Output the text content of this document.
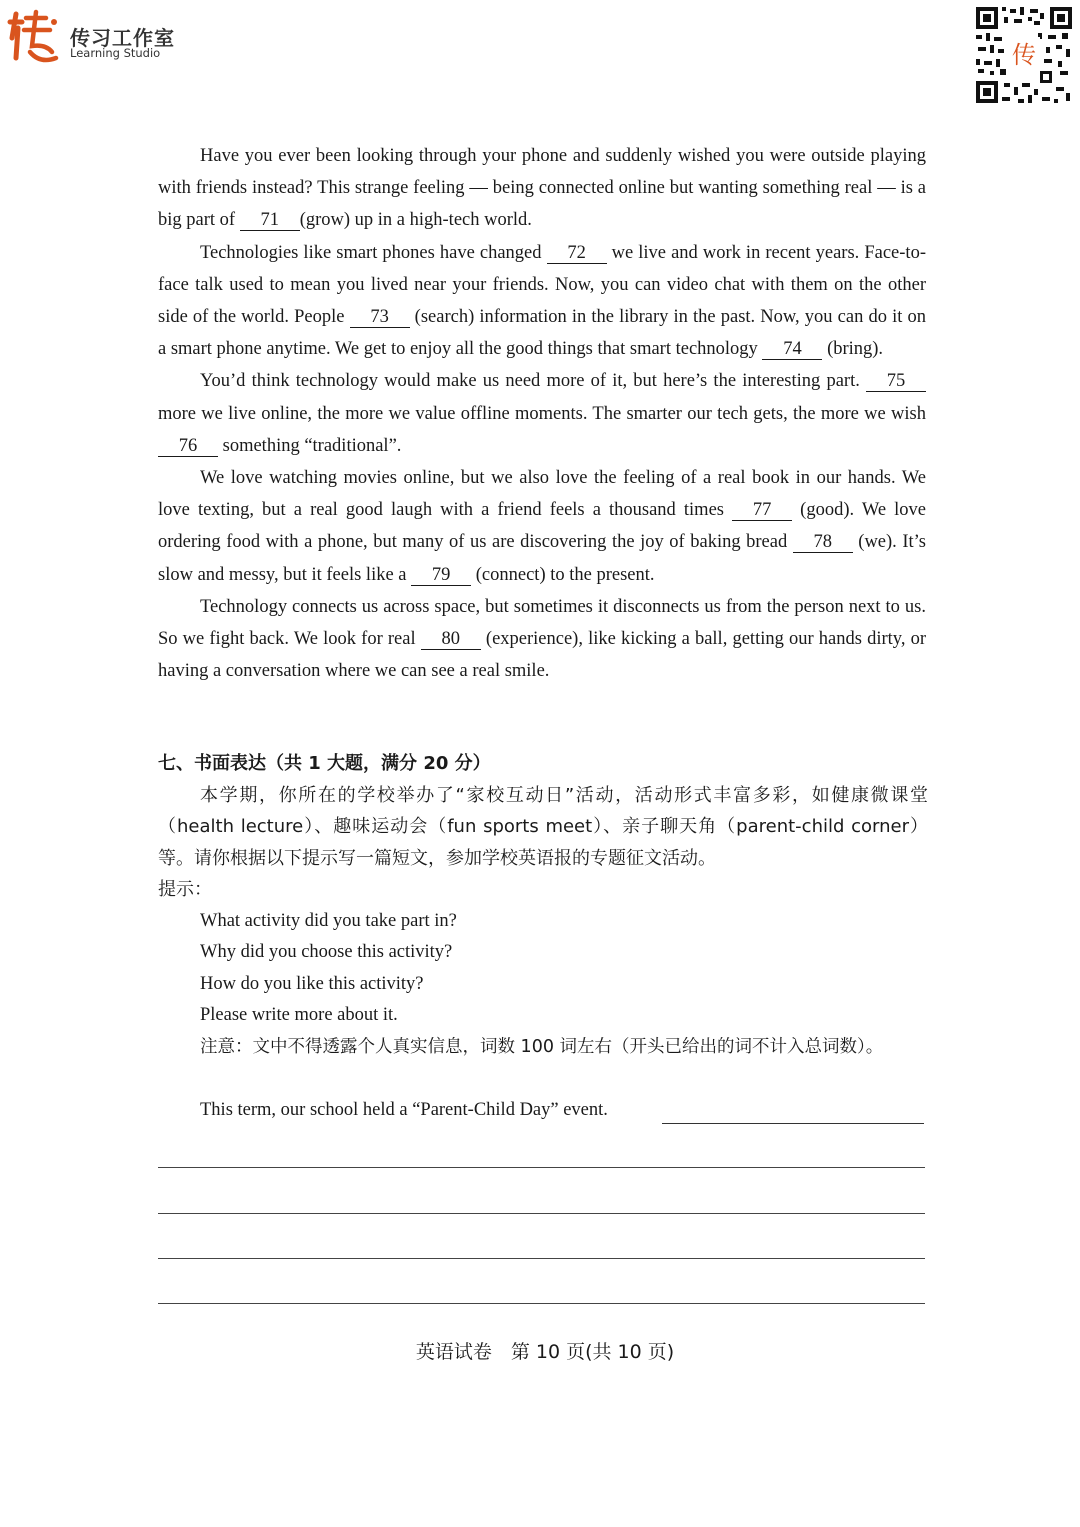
传习工作室
Learning Studio	传

Have you ever been looking through your phone and suddenly wished you were outside playing with friends instead? This strange feeling — being connected online but wanting something real — is a big part of 71 (grow) up in a high-tech world.

Technologies like smart phones have changed 72 we live and work in recent years. Face-to-face talk used to mean you lived near your friends. Now, you can video chat with them on the other side of the world. People 73 (search) information in the library in the past. Now, you can do it on a smart phone anytime. We get to enjoy all the good things that smart technology 74 (bring).

You’d think technology would make us need more of it, but here’s the interesting part. 75 more we live online, the more we value offline moments. The smarter our tech gets, the more we wish 76 something “traditional”.

We love watching movies online, but we also love the feeling of a real book in our hands. We love texting, but a real good laugh with a friend feels a thousand times 77 (good). We love ordering food with a phone, but many of us are discovering the joy of baking bread 78 (we). It’s slow and messy, but it feels like a 79 (connect) to the present.

Technology connects us across space, but sometimes it disconnects us from the person next to us. So we fight back. We look for real 80 (experience), like kicking a ball, getting our hands dirty, or having a conversation where we can see a real smile.

七、书面表达（共 1 大题，满分 20 分）
本学期，你所在的学校举办了“家校互动日”活动，活动形式丰富多彩，如健康微课堂（health lecture）、趣味运动会（fun sports meet）、亲子聊天角（parent-child corner）等。请你根据以下提示写一篇短文，参加学校英语报的专题征文活动。
提示：
What activity did you take part in?
Why did you choose this activity?
How do you like this activity?
Please write more about it.
注意：文中不得透露个人真实信息，词数 100 词左右（开头已给出的词不计入总词数）。
This term, our school held a “Parent-Child Day” event.
英语试卷　第 10 页(共 10 页)
